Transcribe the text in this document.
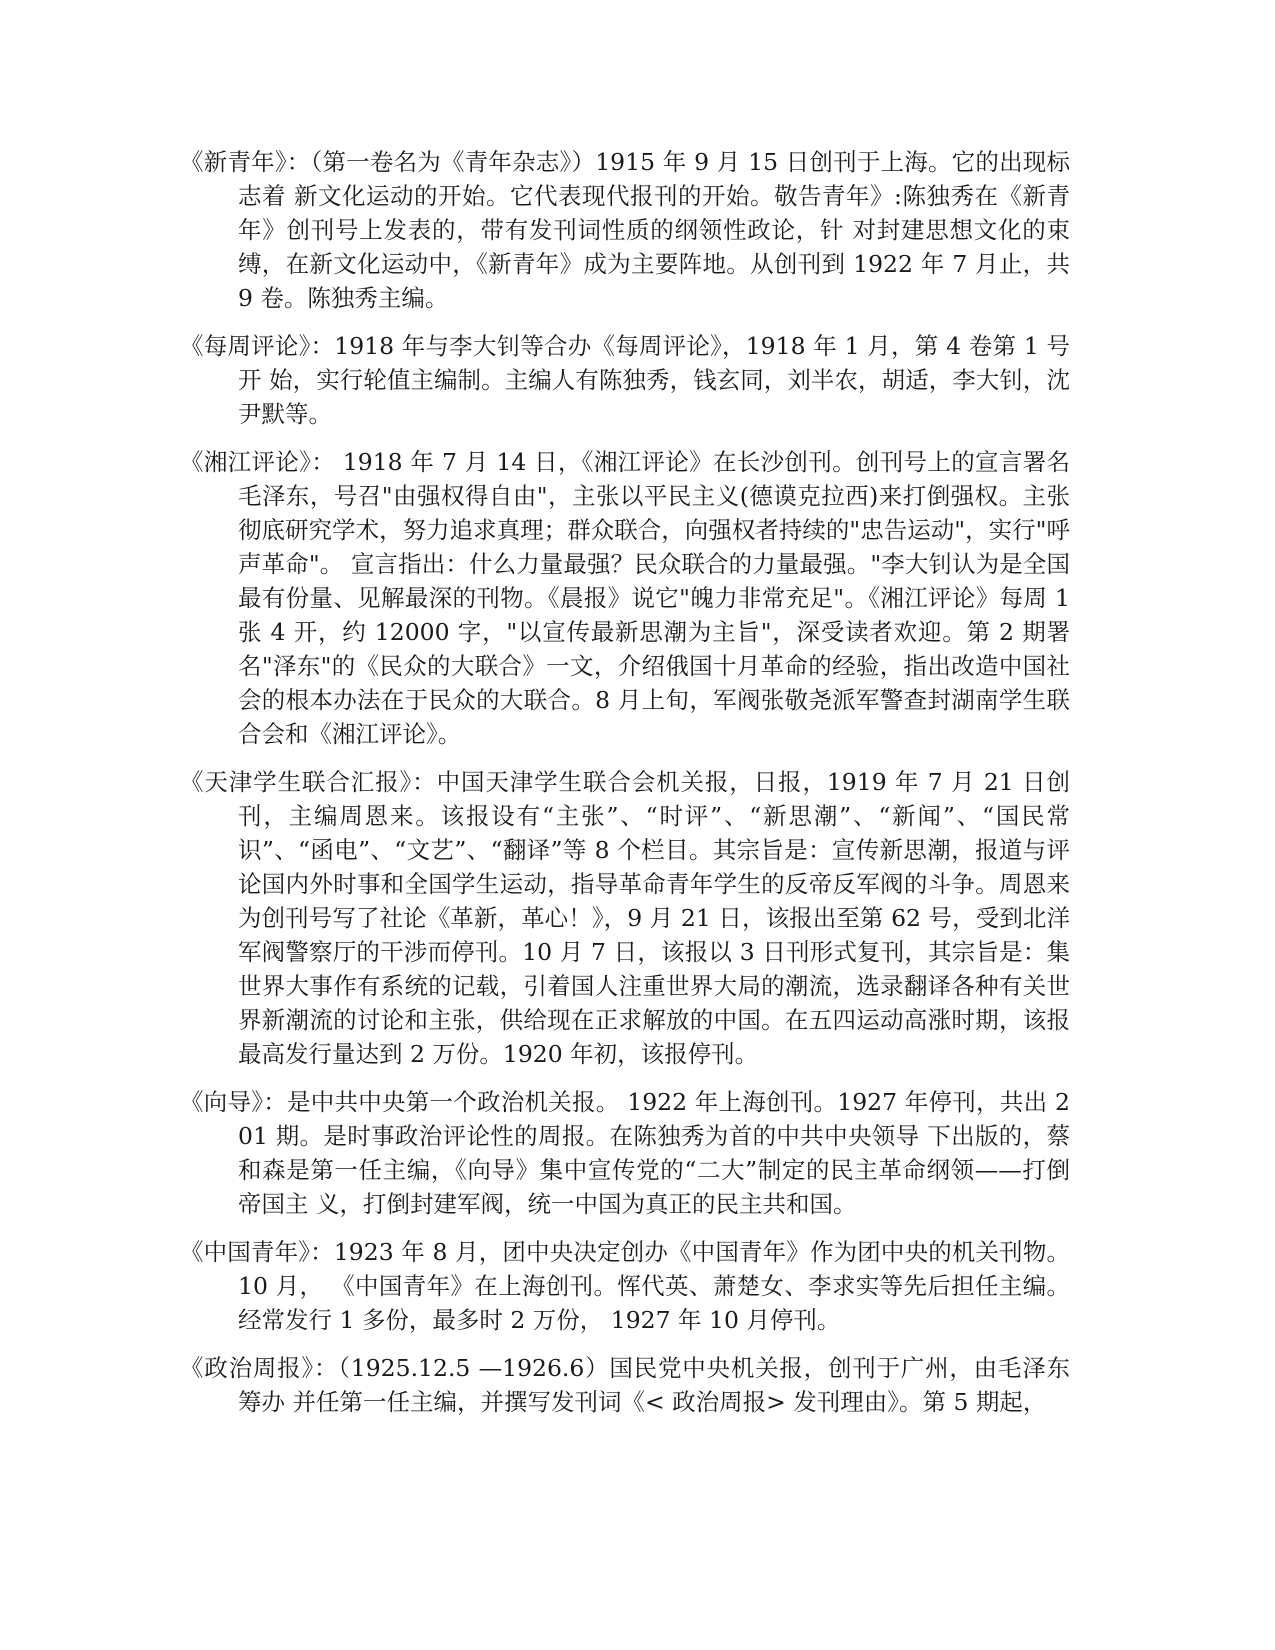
《新青年》：（第一卷名为《青年杂志》）1915 年 9 月 15 日创刊于上海。它的出现标志着 新文化运动的开始。它代表现代报刊的开始。敬告青年》:陈独秀在《新青年》创刊号上发表的，带有发刊词性质的纲领性政论，针 对封建思想文化的束缚，在新文化运动中，《新青年》成为主要阵地。从创刊到 1922 年 7 月止，共 9 卷。陈独秀主编。

《每周评论》：1918 年与李大钊等合办《每周评论》，1918 年 1 月，第 4 卷第 1 号开 始，实行轮值主编制。主编人有陈独秀，钱玄同，刘半农，胡适，李大钊，沈尹默等。

《湘江评论》： 1918 年 7 月 14 日，《湘江评论》在长沙创刊。创刊号上的宣言署名毛泽东，号召"由强权得自由"，主张以平民主义(德谟克拉西)来打倒强权。主张彻底研究学术，努力追求真理；群众联合，向强权者持续的"忠告运动"，实行"呼声革命"。 宣言指出：什么力量最强？民众联合的力量最强。"李大钊认为是全国最有份量、见解最深的刊物。《晨报》说它"魄力非常充足"。《湘江评论》每周 1 张 4 开，约 12000 字，"以宣传最新思潮为主旨"，深受读者欢迎。第 2 期署名"泽东"的《民众的大联合》一文，介绍俄国十月革命的经验，指出改造中国社会的根本办法在于民众的大联合。8 月上旬，军阀张敬尧派军警查封湖南学生联合会和《湘江评论》。

《天津学生联合汇报》：中国天津学生联合会机关报，日报，1919 年 7 月 21 日创刊，主编周恩来。该报设有“主张”、“时评”、“新思潮”、“新闻”、“国民常识”、“函电”、“文艺”、“翻译”等 8 个栏目。其宗旨是：宣传新思潮，报道与评论国内外时事和全国学生运动，指导革命青年学生的反帝反军阀的斗争。周恩来为创刊号写了社论《革新，革心！》，9 月 21 日，该报出至第 62 号，受到北洋军阀警察厅的干涉而停刊。10 月 7 日，该报以 3 日刊形式复刊，其宗旨是：集世界大事作有系统的记载，引着国人注重世界大局的潮流，选录翻译各种有关世界新潮流的讨论和主张，供给现在正求解放的中国。在五四运动高涨时期，该报最高发行量达到 2 万份。1920 年初，该报停刊。

《向导》：是中共中央第一个政治机关报。 1922 年上海创刊。1927 年停刊，共出 201 期。是时事政治评论性的周报。在陈独秀为首的中共中央领导 下出版的，蔡和森是第一任主编，《向导》集中宣传党的“二大”制定的民主革命纲领——打倒帝国主 义，打倒封建军阀，统一中国为真正的民主共和国。

《中国青年》：1923 年 8 月，团中央决定创办《中国青年》作为团中央的机关刊物。10 月， 《中国青年》在上海创刊。恽代英、萧楚女、李求实等先后担任主编。经常发行 1 多份，最多时 2 万份， 1927 年 10 月停刊。

《政治周报》：（1925.12.5 —1926.6）国民党中央机关报，创刊于广州，由毛泽东筹办 并任第一任主编，并撰写发刊词《< 政治周报> 发刊理由》。第 5 期起，
